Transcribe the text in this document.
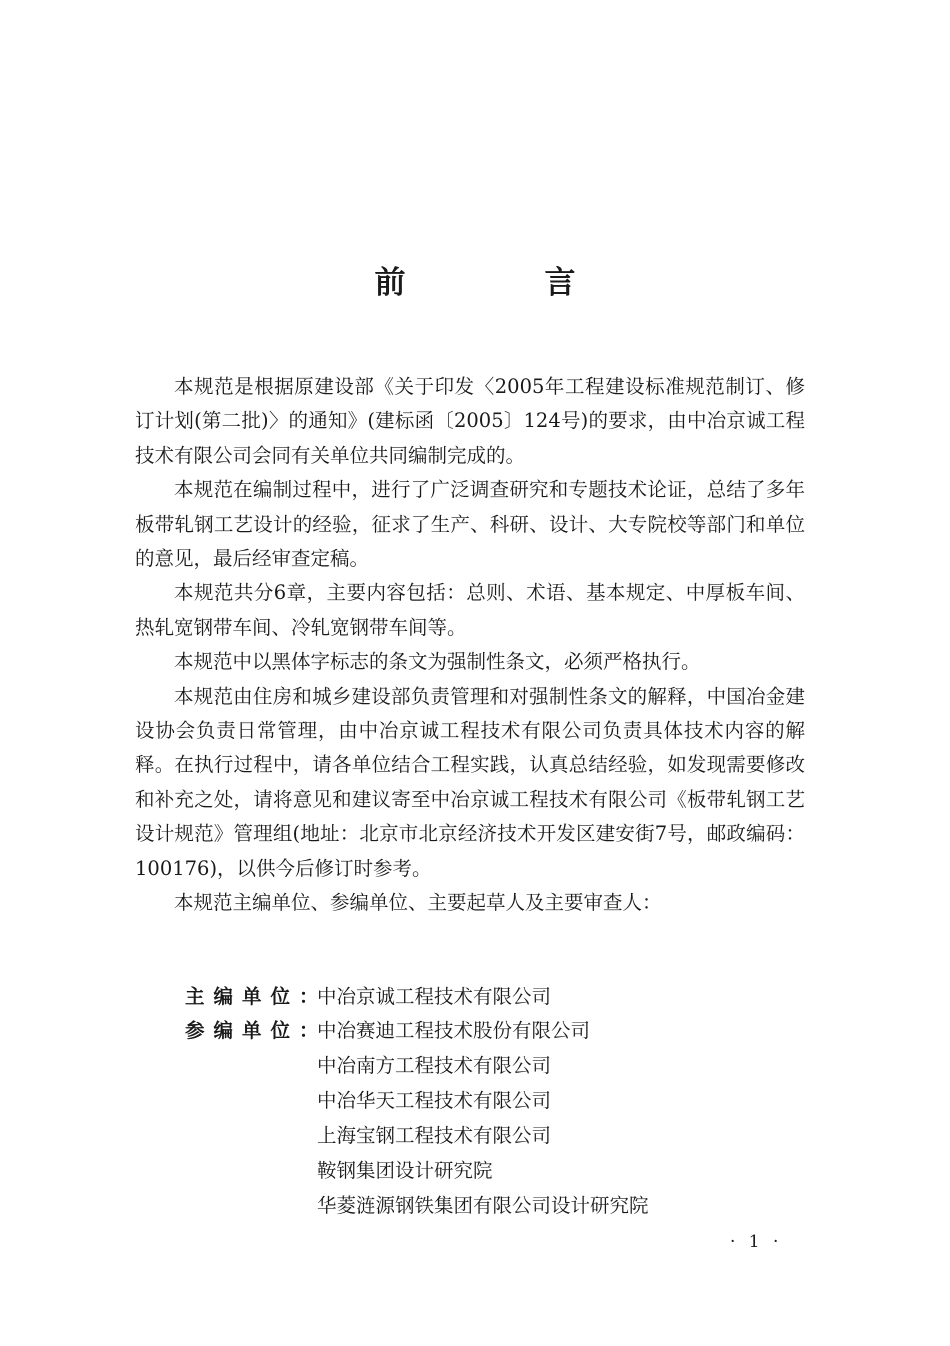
前　言

本规范是根据原建设部《关于印发〈2005年工程建设标准规范制订、修订计划(第二批)〉的通知》(建标函〔2005〕124号)的要求，由中冶京诚工程技术有限公司会同有关单位共同编制完成的。

本规范在编制过程中，进行了广泛调查研究和专题技术论证，总结了多年板带轧钢工艺设计的经验，征求了生产、科研、设计、大专院校等部门和单位的意见，最后经审查定稿。

本规范共分6章，主要内容包括：总则、术语、基本规定、中厚板车间、热轧宽钢带车间、冷轧宽钢带车间等。

本规范中以黑体字标志的条文为强制性条文，必须严格执行。

本规范由住房和城乡建设部负责管理和对强制性条文的解释，中国冶金建设协会负责日常管理，由中冶京诚工程技术有限公司负责具体技术内容的解释。在执行过程中，请各单位结合工程实践，认真总结经验，如发现需要修改和补充之处，请将意见和建议寄至中冶京诚工程技术有限公司《板带轧钢工艺设计规范》管理组(地址：北京市北京经济技术开发区建安街7号，邮政编码：100176)，以供今后修订时参考。

本规范主编单位、参编单位、主要起草人及主要审查人：

主编单位：中冶京诚工程技术有限公司
参编单位：中冶赛迪工程技术股份有限公司
中冶南方工程技术有限公司
中冶华天工程技术有限公司
上海宝钢工程技术有限公司
鞍钢集团设计研究院
华菱涟源钢铁集团有限公司设计研究院
· 1 ·
